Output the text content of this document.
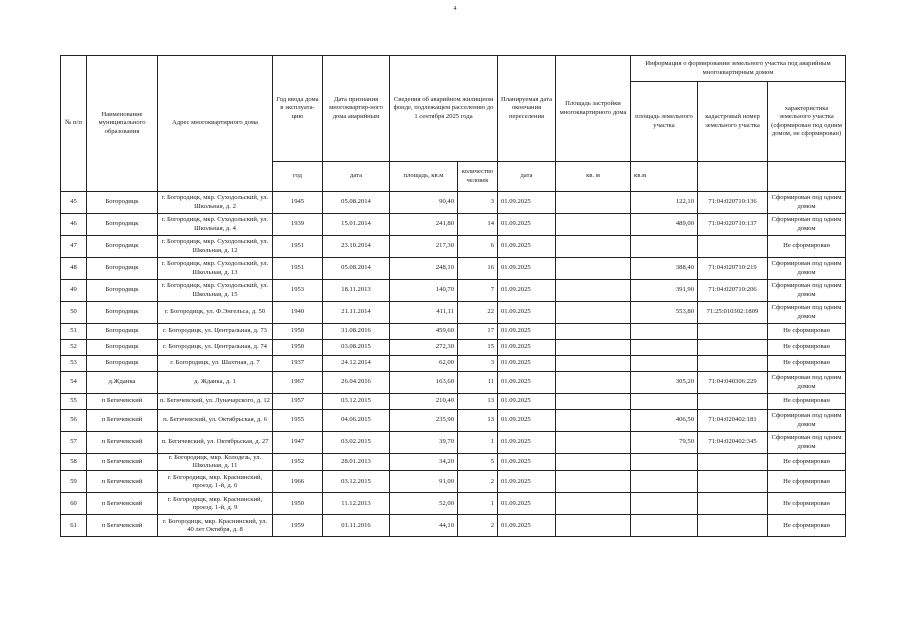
4
№ п/п	Наименование муниципального образования	Адрес многоквартирного дома	Год ввода дома в эксплуата-цию	Дата признания многоквартир-ного дома аварийным	Сведения об аварийном жилищном фонде, подлежащем расселению до 1 сентября 2025 года		Планируемая дата окончания переселения	Площадь застройки многоквартирного дома	Информация о формировании земельного участка под аварийным многоквартирным домом		
									площадь земельного участка	кадастровый номер земельного участка	характеристика земельного участка (сформирован под одним домом, не сформирован)
			год	дата	площадь, кв.м	количество человек	дата	кв. м	кв.м		
45	Богородицк	г. Богородицк, мкр. Суходольский, ул. Школьная, д. 2	1945	05.08.2014	90,40	3	01.09.2025		122,10	71:04:020710:136	Сформирован под одним домом
46	Богородицк	г. Богородицк, мкр. Суходольский, ул. Школьная, д. 4	1939	15.01.2014	241,80	14	01.09.2025		489,00	71:04:020710:137	Сформирован под одним домом
47	Богородицк	г. Богородицк, мкр. Суходольский, ул. Школьная, д. 12	1951	23.10.2014	217,30	6	01.09.2025				Не сформирован
48	Богородицк	г. Богородицк, мкр. Суходольский, ул. Школьная, д. 13	1951	05.08.2014	248,10	16	01.09.2025		388,40	71:04:020710:219	Сформирован под одним домом
49	Богородицк	г. Богородицк, мкр. Суходольский, ул. Школьная, д. 15	1953	18.11.2013	140,70	7	01.09.2025		391,90	71:04:020710:206	Сформирован под одним домом
50	Богородицк	г. Богородицк, ул. Ф.Энгельса, д. 50	1940	21.11.2014	411,11	22	01.09.2025		553,80	71:25:010302:1809	Сформирован под одним домом
51	Богородицк	г. Богородицк, ул. Центральная, д. 73	1950	31.08.2016	459,60	17	01.09.2025				Не сформирован
52	Богородицк	г. Богородицк, ул. Центральная, д. 74	1950	03.08.2015	272,30	15	01.09.2025				Не сформирован
53	Богородицк	г. Богородицк, ул. Шахтная, д. 7	1937	24.12.2014	62,00	3	01.09.2025				Не сформирован
54	д.Жданка	д. Жданка, д. 1	1967	26.04.2016	163,60	11	01.09.2025		305,20	71:04:040306:229	Сформирован под одним домом
55	п Бегичевский	п. Бегичевский, ул. Луначарского, д. 12	1957	03.12.2015	210,40	13	01.09.2025				Не сформирован
56	п Бегичевский	п. Бегичевский, ул. Октябрьская, д. 6	1955	04.06.2015	235,90	13	01.09.2025		406,50	71:04:020402:181	Сформирован под одним домом
57	п Бегичевский	п. Бегичевский, ул. Октябрьская, д. 27	1947	03.02.2015	39,70	1	01.09.2025		79,50	71:04:020402:345	Сформирован под одним домом
58	п Бегичевский	г. Богородицк, мкр. Колодезь, ул. Школьная, д. 11	1952	28.01.2013	34,20	5	01.09.2025				Не сформирован
59	п Бегичевский	г. Богородицк, мкр. Краснинский, проезд. 1-й, д. 6	1966	03.12.2015	91,00	2	01.09.2025				Не сформирован
60	п Бегичевский	г. Богородицк, мкр. Краснинский, проезд. 1-й, д. 9	1950	11.12.2013	52,00	1	01.09.2025				Не сформирован
61	п Бегичевский	г. Богородицк, мкр. Краснинский, ул. 40 лет Октября, д. 8	1959	01.11.2016	44,10	2	01.09.2025				Не сформирован
